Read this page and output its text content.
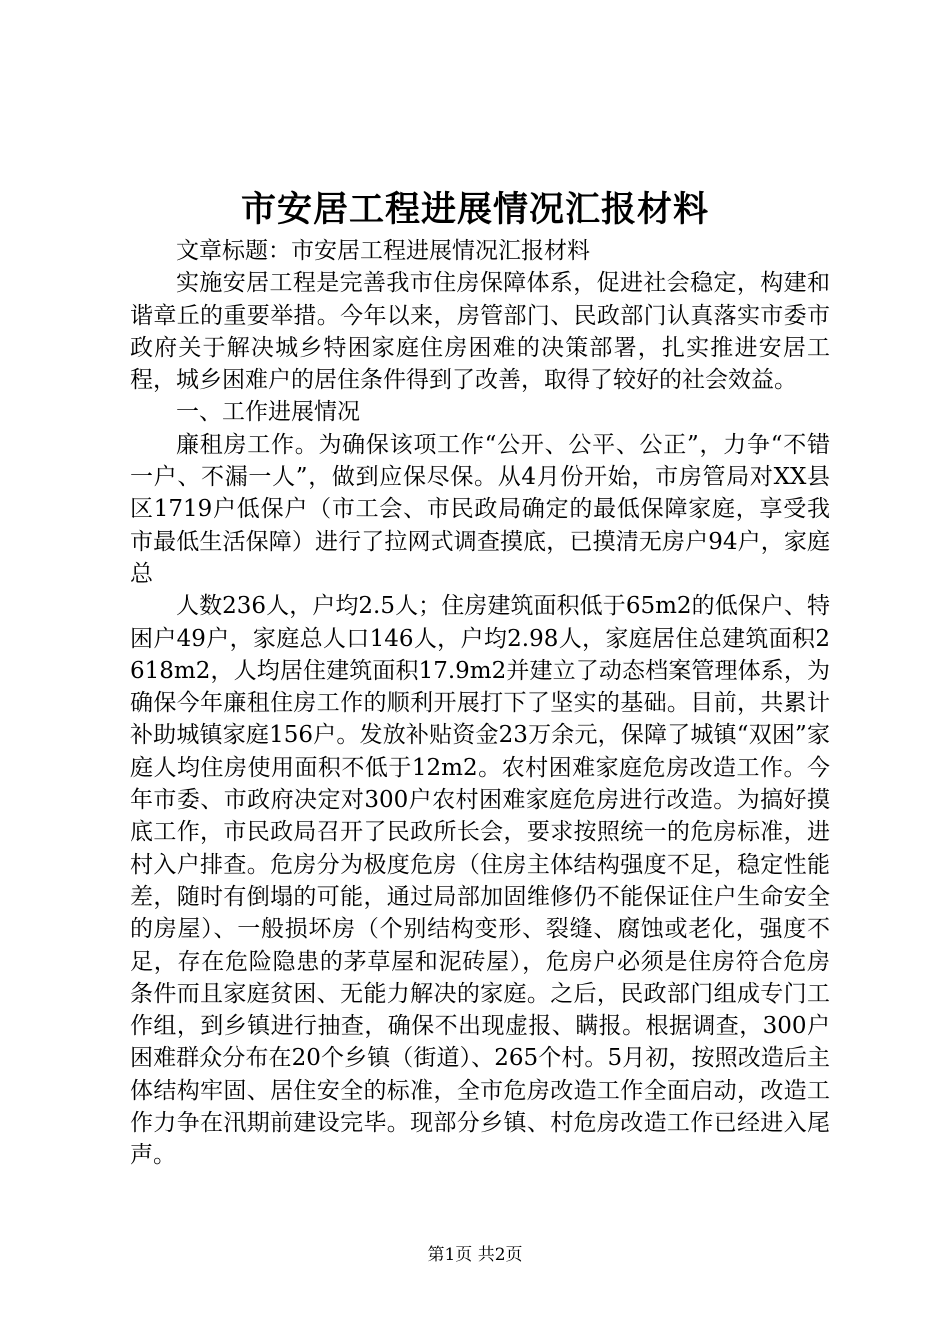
市安居工程进展情况汇报材料

文章标题：市安居工程进展情况汇报材料

实施安居工程是完善我市住房保障体系，促进社会稳定，构建和谐章丘的重要举措。今年以来，房管部门、民政部门认真落实市委市政府关于解决城乡特困家庭住房困难的决策部署，扎实推进安居工程，城乡困难户的居住条件得到了改善，取得了较好的社会效益。

一、工作进展情况

廉租房工作。为确保该项工作“公开、公平、公正”，力争“不错一户、不漏一人”，做到应保尽保。从4月份开始，市房管局对XX县区1719户低保户（市工会、市民政局确定的最低保障家庭，享受我市最低生活保障）进行了拉网式调查摸底，已摸清无房户94户，家庭总

人数236人，户均2.5人；住房建筑面积低于65m2的低保户、特困户49户，家庭总人口146人，户均2.98人，家庭居住总建筑面积2618m2，人均居住建筑面积17.9m2并建立了动态档案管理体系，为确保今年廉租住房工作的顺利开展打下了坚实的基础。目前，共累计补助城镇家庭156户。发放补贴资金23万余元，保障了城镇“双困”家庭人均住房使用面积不低于12m2。农村困难家庭危房改造工作。今年市委、市政府决定对300户农村困难家庭危房进行改造。为搞好摸底工作，市民政局召开了民政所长会，要求按照统一的危房标准，进村入户排查。危房分为极度危房（住房主体结构强度不足，稳定性能差，随时有倒塌的可能，通过局部加固维修仍不能保证住户生命安全的房屋）、一般损坏房（个别结构变形、裂缝、腐蚀或老化，强度不足，存在危险隐患的茅草屋和泥砖屋），危房户必须是住房符合危房条件而且家庭贫困、无能力解决的家庭。之后，民政部门组成专门工作组，到乡镇进行抽查，确保不出现虚报、瞒报。根据调查，300户困难群众分布在20个乡镇（街道）、265个村。5月初，按照改造后主体结构牢固、居住安全的标准，全市危房改造工作全面启动，改造工作力争在汛期前建设完毕。现部分乡镇、村危房改造工作已经进入尾声。

第1页 共2页
